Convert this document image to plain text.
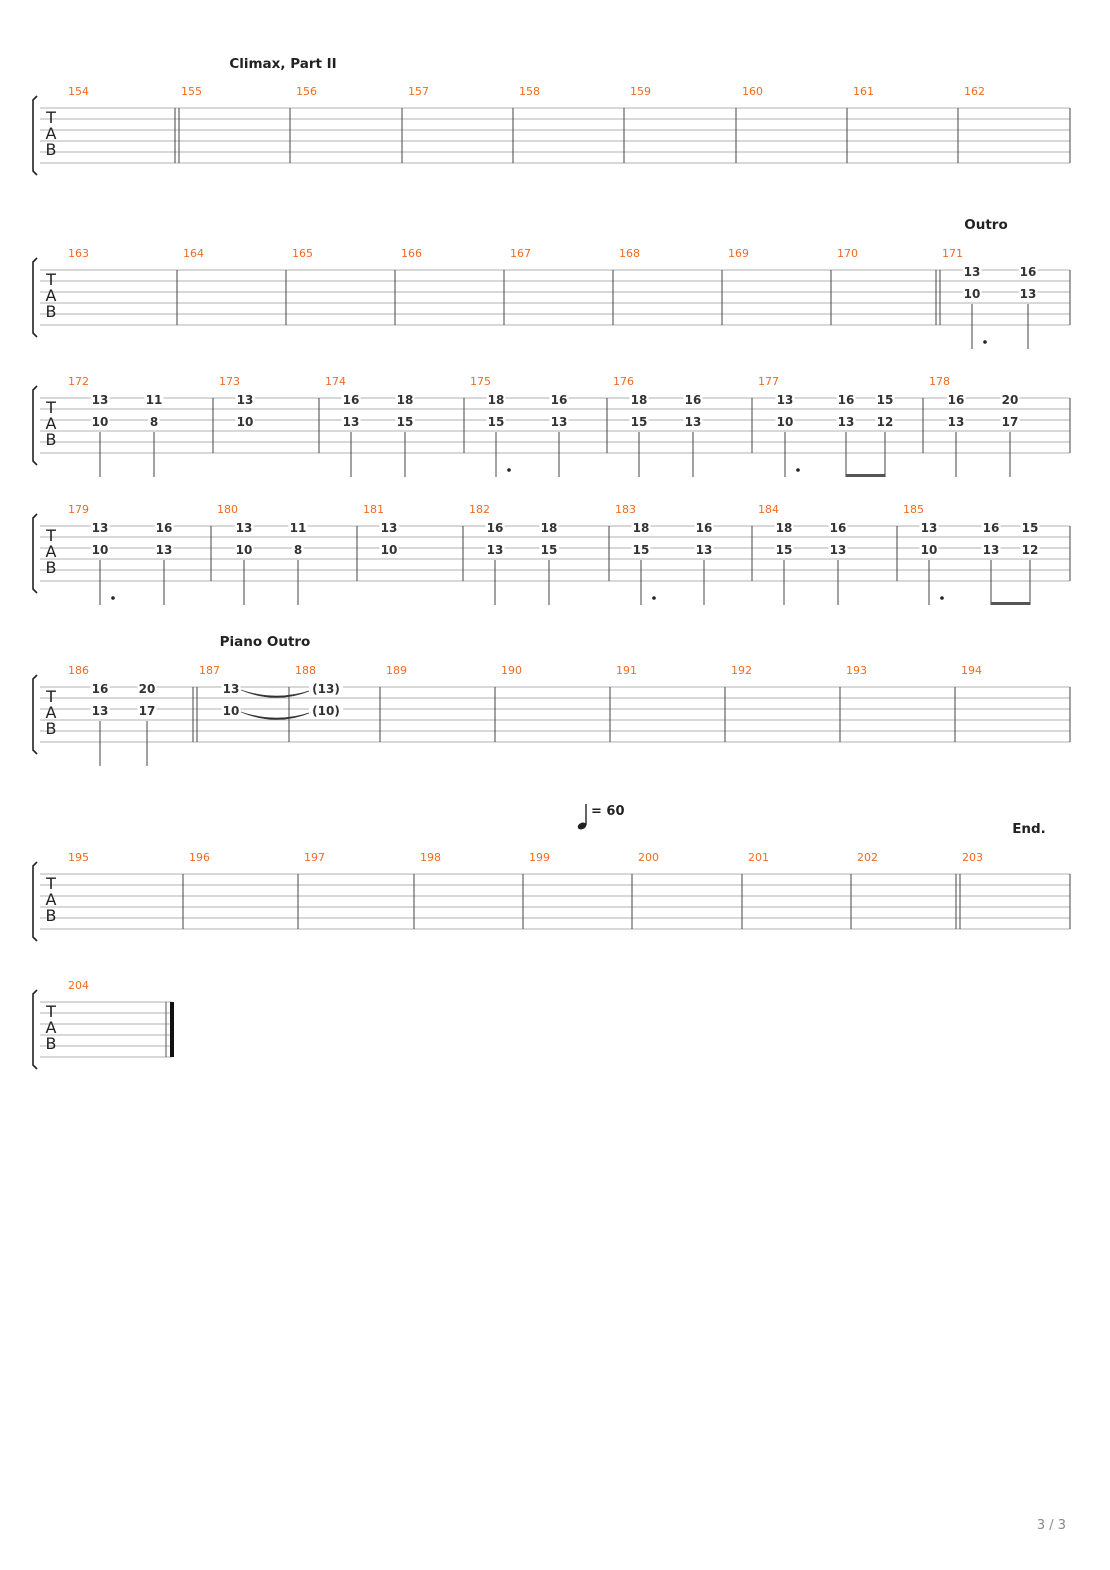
T
A
B
Climax, Part II
154	155	156	157	158	159	160	161	162
T
A
B
163	164	165	166	167	168	169	170	171
Outro
13
10
16
13
T
A
B
172
13
10
11
8
173
13
10
174
16
13
18
15
175
18
15
16
13
176
18
15
16
13
177
13
10
16
13
15
12
178
16
13
20
17
T
A
B
179
13
10
16
13
180
13
10
11
8
181
13
10
182
16
13
18
15
183
18
15
16
13
184
18
15
16
13
185
13
10
16
13
15
12
T
A
B
186
16
13
20
17
187
Piano Outro
13
10
188
(13)
(10)
189	190	191	192	193	194
T
A
B
195	196	197	198	199	200	201	202	203
End.
T
A
B
204
= 60
3 / 3
